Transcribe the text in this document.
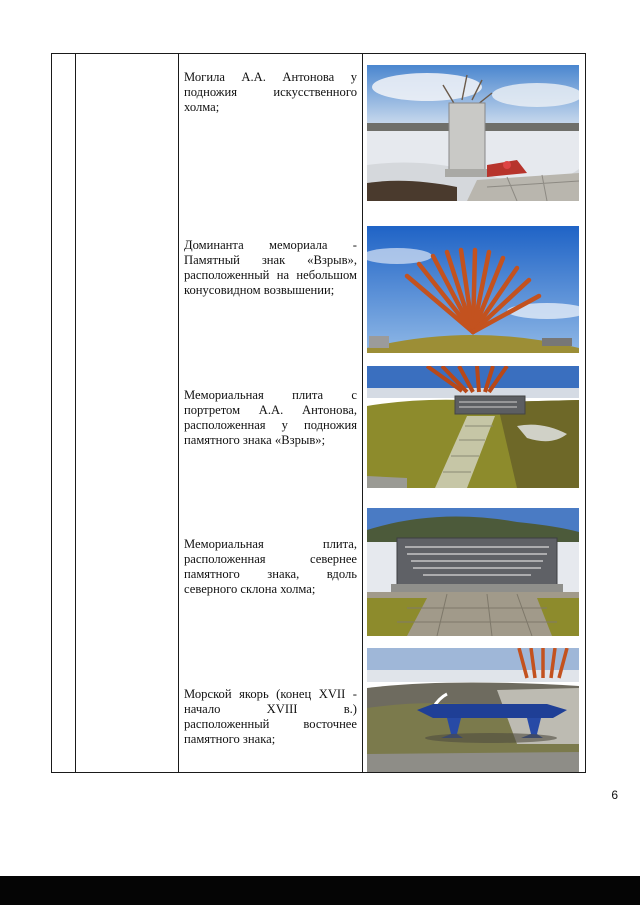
Могила А.А. Антонова у подножия искусственного холма;
Доминанта мемориала - Памятный знак «Взрыв», расположенный на небольшом конусовидном возвышении;
Мемориальная плита с портретом А.А. Антонова, расположенная у подножия памятного знака «Взрыв»;
Мемориальная плита, расположенная севернее памятного знака, вдоль северного склона холма;
Морской якорь (конец XVII - начало XVIII в.) расположенный восточнее памятного знака;
6
